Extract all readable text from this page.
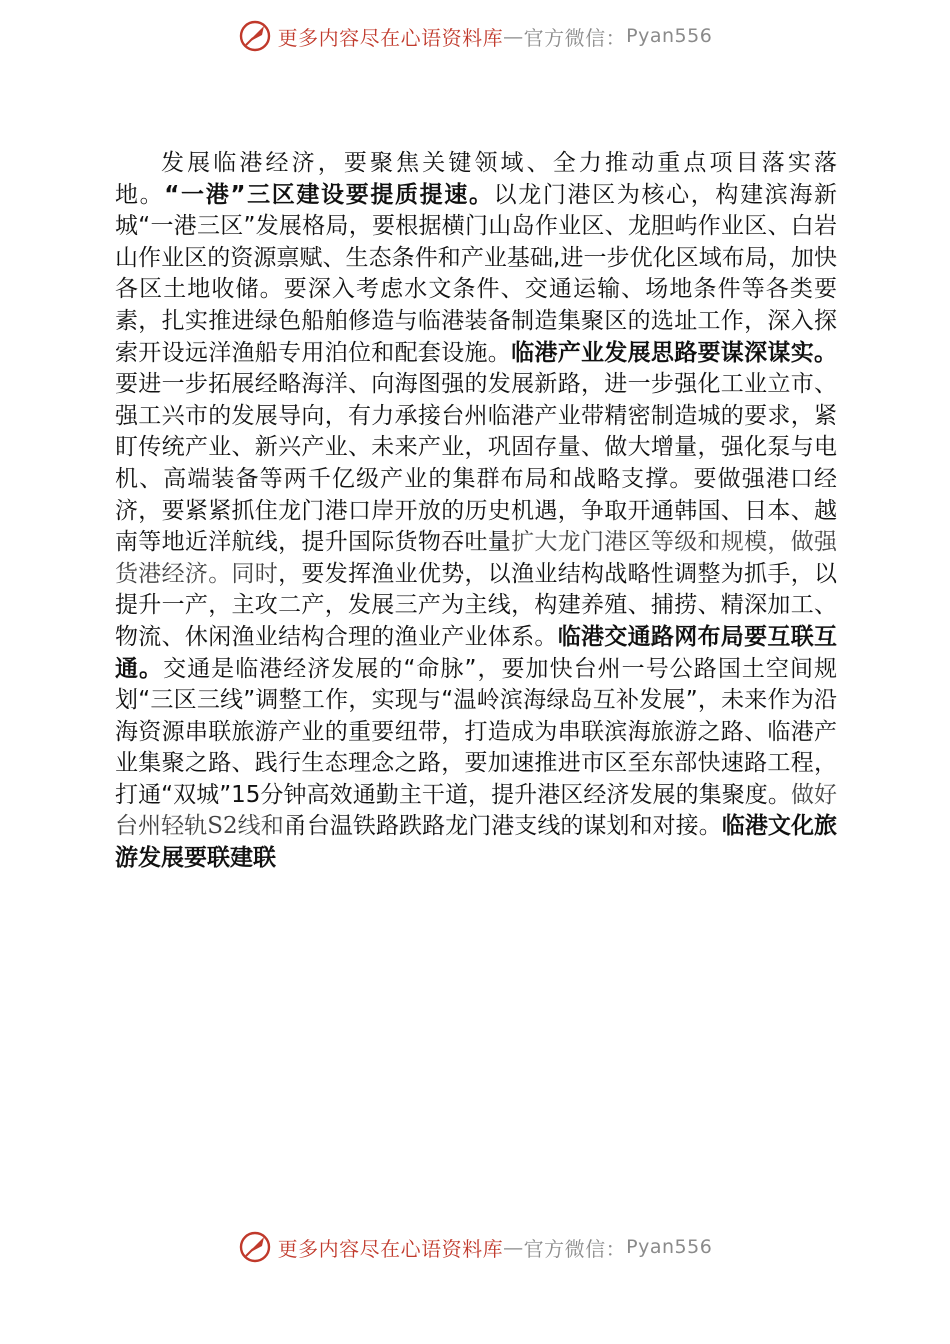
更多内容尽在心语资料库 — 官方微信： Pyan556

发展临港经济，要聚焦关键领域、全力推动重点项目落实落地。“一港”三区建设要提质提速。以龙门港区为核心，构建滨海新城“一港三区”发展格局，要根据横门山岛作业区、龙胆屿作业区、白岩山作业区的资源禀赋、生态条件和产业基础,进一步优化区域布局，加快各区土地收储。要深入考虑水文条件、交通运输、场地条件等各类要素，扎实推进绿色船舶修造与临港装备制造集聚区的选址工作，深入探索开设远洋渔船专用泊位和配套设施。临港产业发展思路要谋深谋实。要进一步拓展经略海洋、向海图强的发展新路，进一步强化工业立市、强工兴市的发展导向，有力承接台州临港产业带精密制造城的要求，紧盯传统产业、新兴产业、未来产业，巩固存量、做大增量，强化泵与电机、高端装备等两千亿级产业的集群布局和战略支撑。要做强港口经济，要紧紧抓住龙门港口岸开放的历史机遇，争取开通韩国、日本、越南等地近洋航线，提升国际货物吞吐量扩大龙门港区等级和规模，做强货港经济。同时，要发挥渔业优势，以渔业结构战略性调整为抓手，以提升一产，主攻二产，发展三产为主线，构建养殖、捕捞、精深加工、物流、休闲渔业结构合理的渔业产业体系。临港交通路网布局要互联互通。交通是临港经济发展的“命脉”，要加快台州一号公路国土空间规划“三区三线”调整工作，实现与“温岭滨海绿岛互补发展”，未来作为沿海资源串联旅游产业的重要纽带，打造成为串联滨海旅游之路、临港产业集聚之路、践行生态理念之路，要加速推进市区至东部快速路工程，打通“双城”15分钟高效通勤主干道，提升港区经济发展的集聚度。做好台州轻轨S2线和甬台温铁路跌路龙门港支线的谋划和对接。临港文化旅游发展要联建联

更多内容尽在心语资料库 — 官方微信： Pyan556
